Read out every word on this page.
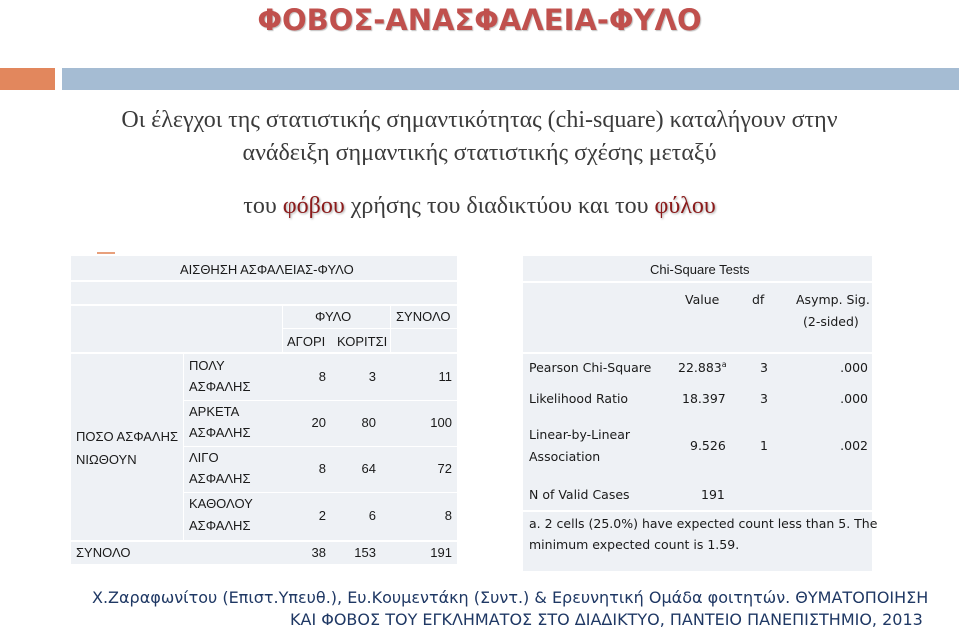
ΦΟΒΟΣ-ΑΝΑΣΦΑΛΕΙΑ-ΦΥΛΟ
Οι έλεγχοι της στατιστικής σημαντικότητας (chi-square) καταλήγουν στην
ανάδειξη σημαντικής στατιστικής σχέσης μεταξύ
του φόβου χρήσης του διαδικτύου και του φύλου
ΑΙΣΘΗΣΗ ΑΣΦΑΛΕΙΑΣ-ΦΥΛΟ
ΦΥΛΟ	ΣΥΝΟΛΟ
ΑΓΟΡΙ ΚΟΡΙΤΣΙ
ΠΟΣΟ ΑΣΦΑΛΗΣ
ΝΙΩΘΟΥΝ
ΠΟΛΥ
ΑΣΦΑΛΗΣ
8	3	11
ΑΡΚΕΤΑ
ΑΣΦΑΛΗΣ
20	80	100
ΛΙΓΟ
ΑΣΦΑΛΗΣ
8	64	72
ΚΑΘΟΛΟΥ
ΑΣΦΑΛΗΣ
2	6	8
ΣΥΝΟΛΟ	38	153	191
Chi-Square Tests
Value	df	Asymp. Sig.
(2-sided)
Pearson Chi-Square 22.883$^a$	3	.000
Likelihood Ratio	18.397	3	.000
Linear-by-Linear
Association
9.526	1	.002
N of Valid Cases	191
a. 2 cells (25.0%) have expected count less than 5. The
minimum expected count is 1.59.
Χ.Ζαραφωνίτου (Επιστ.Υπευθ.), Ευ.Κουμεντάκη (Συντ.) & Ερευνητική Ομάδα φοιτητών. ΘΥΜΑΤΟΠΟΙΗΣΗ
ΚΑΙ ΦΟΒΟΣ ΤΟΥ ΕΓΚΛΗΜΑΤΟΣ ΣΤΟ ΔΙΑΔΙΚΤΥΟ, ΠΑΝΤΕΙΟ ΠΑΝΕΠΙΣΤΗΜΙΟ, 2013
